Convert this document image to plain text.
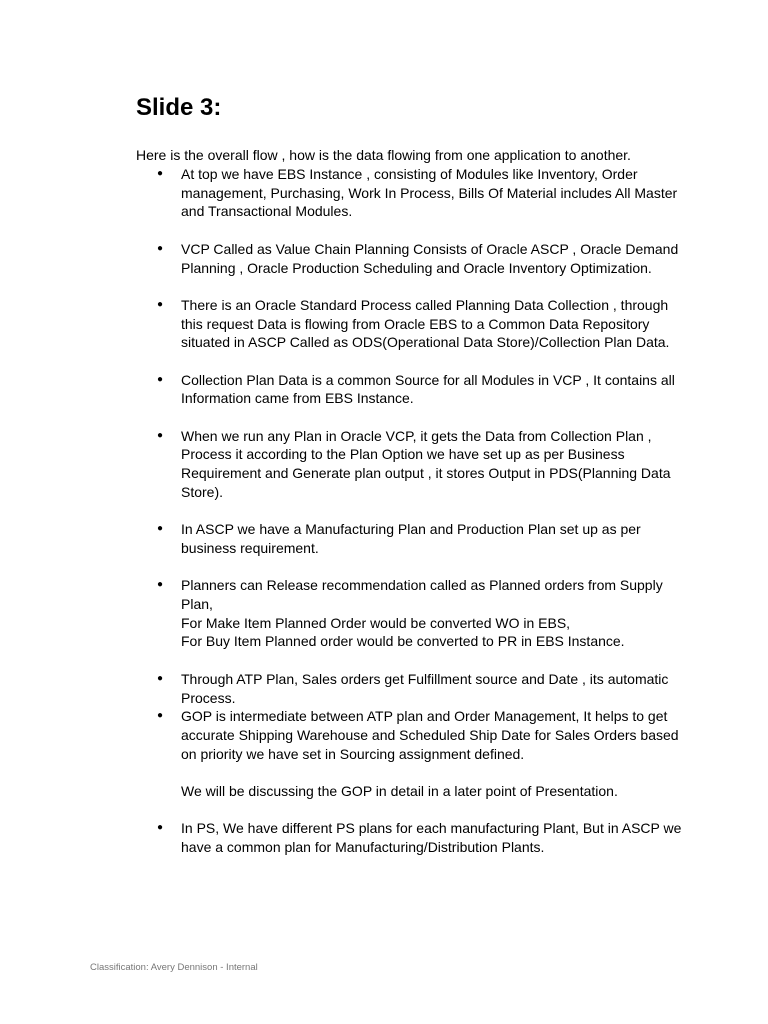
Slide 3:

Here is the overall flow , how is the data flowing from one application to another.

● At top we have EBS Instance , consisting of Modules like Inventory, Order management, Purchasing, Work In Process, Bills Of Material includes All Master and Transactional Modules.
● VCP Called as Value Chain Planning Consists of Oracle ASCP , Oracle Demand Planning , Oracle Production Scheduling and Oracle Inventory Optimization.
● There is an Oracle Standard Process called Planning Data Collection , through this request Data is flowing from Oracle EBS to a Common Data Repository situated in ASCP Called as ODS(Operational Data Store)/Collection Plan Data.
● Collection Plan Data is a common Source for all Modules in VCP , It contains all Information came from EBS Instance.
● When we run any Plan in Oracle VCP, it gets the Data from Collection Plan , Process it according to the Plan Option we have set up as per Business Requirement and Generate plan output , it stores Output in PDS(Planning Data Store).
● In ASCP we have a Manufacturing Plan and Production Plan set up as per business requirement.
● Planners can Release recommendation called as Planned orders from Supply Plan,
For Make Item Planned Order would be converted WO in EBS,
For Buy Item Planned order would be converted to PR in EBS Instance.
● Through ATP Plan, Sales orders get Fulfillment source and Date , its automatic Process.
● GOP is intermediate between ATP plan and Order Management, It helps to get accurate Shipping Warehouse and Scheduled Ship Date for Sales Orders based on priority we have set in Sourcing assignment defined.
We will be discussing the GOP in detail in a later point of Presentation.
● In PS, We have different PS plans for each manufacturing Plant, But in ASCP we have a common plan for Manufacturing/Distribution Plants.

Classification: Avery Dennison - Internal
